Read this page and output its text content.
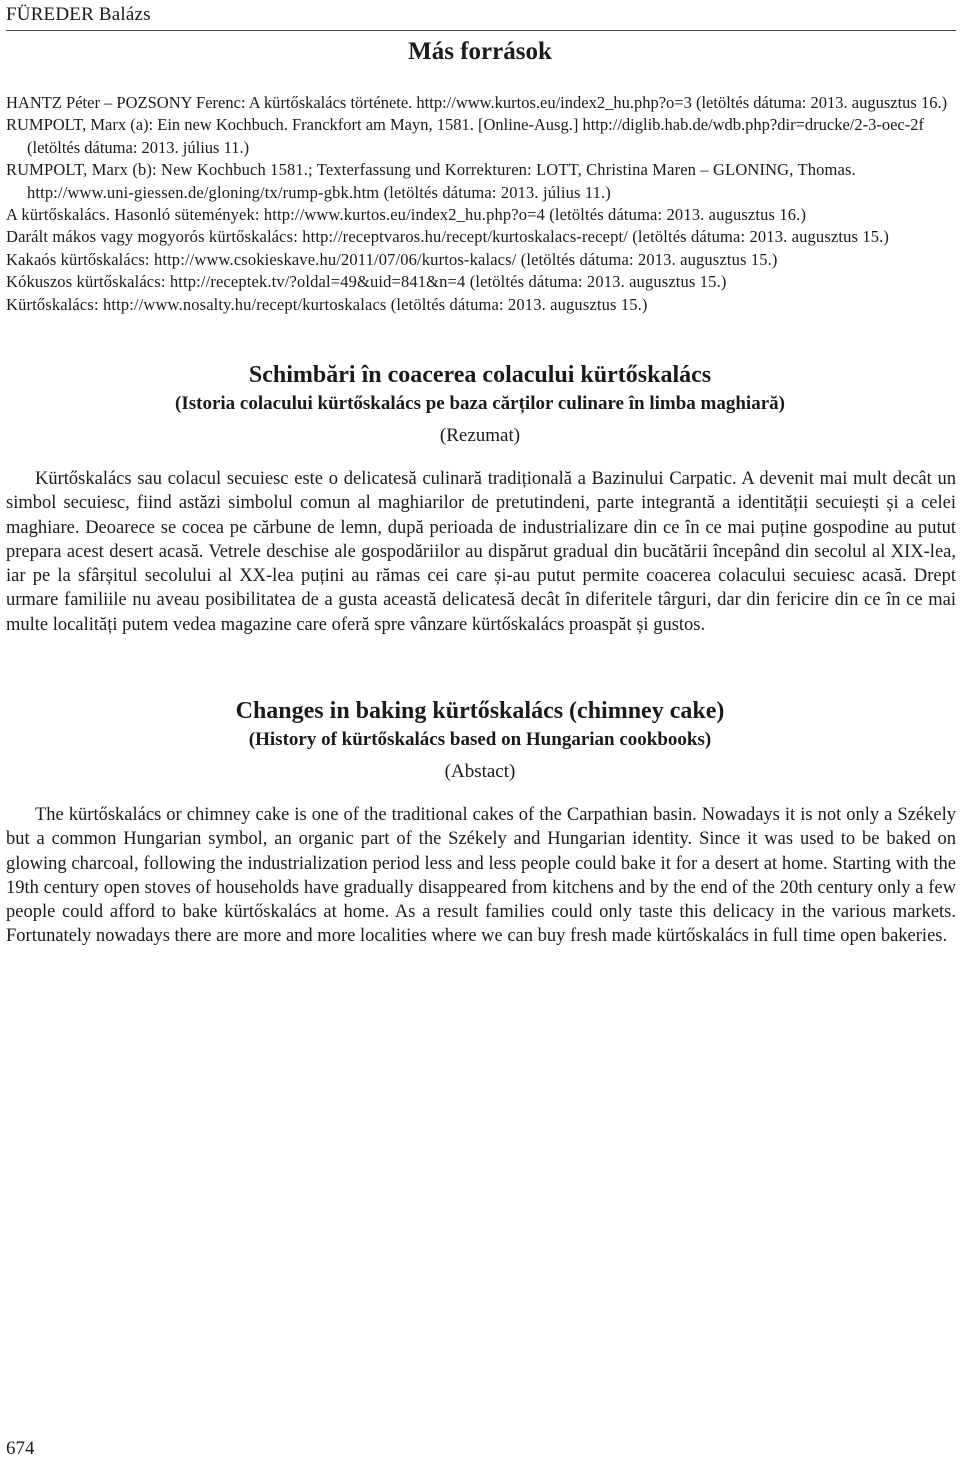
FÜREDER Balázs
Más források

HANTZ Péter – POZSONY Ferenc: A kürtőskalács története. http://www.kurtos.eu/index2_hu.php?o=3 (letöltés dátuma: 2013. augusztus 16.)

RUMPOLT, Marx (a): Ein new Kochbuch. Franckfort am Mayn, 1581. [Online-Ausg.] http://diglib.hab.de/wdb.php?dir=drucke/2-3-oec-2f (letöltés dátuma: 2013. július 11.)

RUMPOLT, Marx (b): New Kochbuch 1581.; Texterfassung und Korrekturen: LOTT, Christina Maren – GLONING, Thomas. http://www.uni-giessen.de/gloning/tx/rump-gbk.htm (letöltés dátuma: 2013. július 11.)

A kürtőskalács. Hasonló sütemények: http://www.kurtos.eu/index2_hu.php?o=4 (letöltés dátuma: 2013. augusztus 16.)

Darált mákos vagy mogyorós kürtőskalács: http://receptvaros.hu/recept/kurtoskalacs-recept/ (letöltés dátuma: 2013. augusztus 15.)

Kakaós kürtőskalács: http://www.csokieskave.hu/2011/07/06/kurtos-kalacs/ (letöltés dátuma: 2013. augusztus 15.)

Kókuszos kürtőskalács: http://receptek.tv/?oldal=49&uid=841&n=4 (letöltés dátuma: 2013. augusztus 15.)

Kürtőskalács: http://www.nosalty.hu/recept/kurtoskalacs (letöltés dátuma: 2013. augusztus 15.)

Schimbări în coacerea colacului kürtőskalács

(Istoria colacului kürtőskalács pe baza cărților culinare în limba maghiară)

(Rezumat)

Kürtőskalács sau colacul secuiesc este o delicatesă culinară tradițională a Bazinului Carpatic. A devenit mai mult decât un simbol secuiesc, fiind astăzi simbolul comun al maghiarilor de pretutindeni, parte integrantă a identității secuiești și a celei maghiare. Deoarece se cocea pe cărbune de lemn, după perioada de industrializare din ce în ce mai puține gospodine au putut prepara acest desert acasă. Vetrele deschise ale gospodăriilor au dispărut gradual din bucătării începând din secolul al XIX-lea, iar pe la sfârșitul secolului al XX-lea puțini au rămas cei care și-au putut permite coacerea colacului secuiesc acasă. Drept urmare familiile nu aveau posibilitatea de a gusta această delicatesă decât în diferitele târguri, dar din fericire din ce în ce mai multe localități putem vedea magazine care oferă spre vânzare kürtőskalács proaspăt și gustos.

Changes in baking kürtőskalács (chimney cake)

(History of kürtőskalács based on Hungarian cookbooks)

(Abstact)

The kürtőskalács or chimney cake is one of the traditional cakes of the Carpathian basin. Nowadays it is not only a Székely but a common Hungarian symbol, an organic part of the Székely and Hungarian identity. Since it was used to be baked on glowing charcoal, following the industrialization period less and less people could bake it for a desert at home. Starting with the 19th century open stoves of households have gradually disappeared from kitchens and by the end of the 20th century only a few people could afford to bake kürtőskalács at home. As a result families could only taste this delicacy in the various markets. Fortunately nowadays there are more and more localities where we can buy fresh made kürtőskalács in full time open bakeries.

674
